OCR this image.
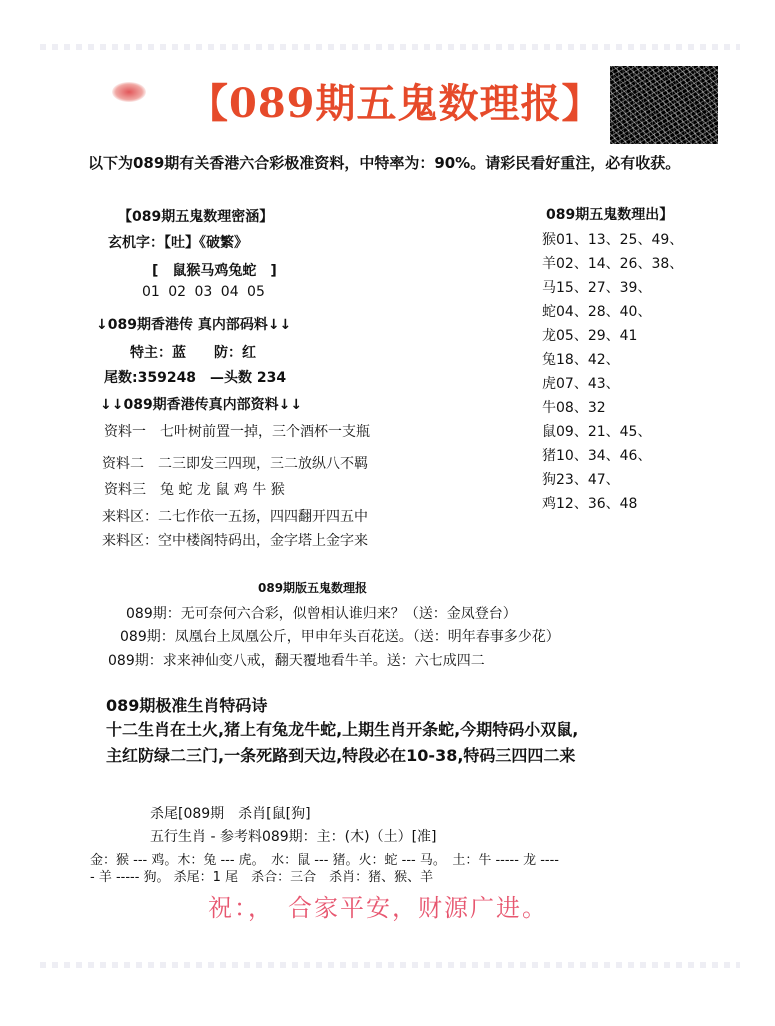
【089期五鬼数理报】
以下为089期有关香港六合彩极准资料，中特率为：90%。请彩民看好重注，必有收获。
【089期五鬼数理密涵】
玄机字：【吐】《破繁》
[　鼠猴马鸡兔蛇　]
01 02 03 04 05
↓089期香港传 真内部码料↓↓
特主：蓝　　防：红
尾数:359248　—头数 234
↓↓089期香港传真内部资料↓↓
资料一　七叶树前置一掉，三个酒杯一支瓶
资料二　二三即发三四现，三二放纵八不羁
资料三　兔 蛇 龙 鼠 鸡 牛 猴
来料区：二七作依一五扬，四四翻开四五中
来料区：空中楼阁特码出，金字塔上金字来
089期五鬼数理出】
猴01、13、25、49、
羊02、14、26、38、
马15、27、39、
蛇04、28、40、
龙05、29、41
兔18、42、
虎07、43、
牛08、32
鼠09、21、45、
猪10、34、46、
狗23、47、
鸡12、36、48
089期版五鬼数理报
089期：无可奈何六合彩，似曾相认谁归来？（送：金凤登台）
089期：凤凰台上凤凰公斤，甲申年头百花送。（送：明年春事多少花）
089期：求来神仙变八戒，翻天覆地看牛羊。送：六七成四二
089期极准生肖特码诗
十二生肖在土火,猪上有兔龙牛蛇,上期生肖开条蛇,今期特码小双鼠,
主红防绿二三门,一条死路到天边,特段必在10-38,特码三四四二来
杀尾[089期　杀肖[鼠[狗]
五行生肖 - 参考料089期：主：(木)（土）[准]
金：猴 --- 鸡。木：兔 --- 虎。　水：鼠 --- 猪。火：蛇 --- 马。　土：牛 ----- 龙 ----
- 羊 ----- 狗。 杀尾：1 尾　杀合：三合　杀肖：猪、猴、羊
祝：，　合家平安，财源广进。
